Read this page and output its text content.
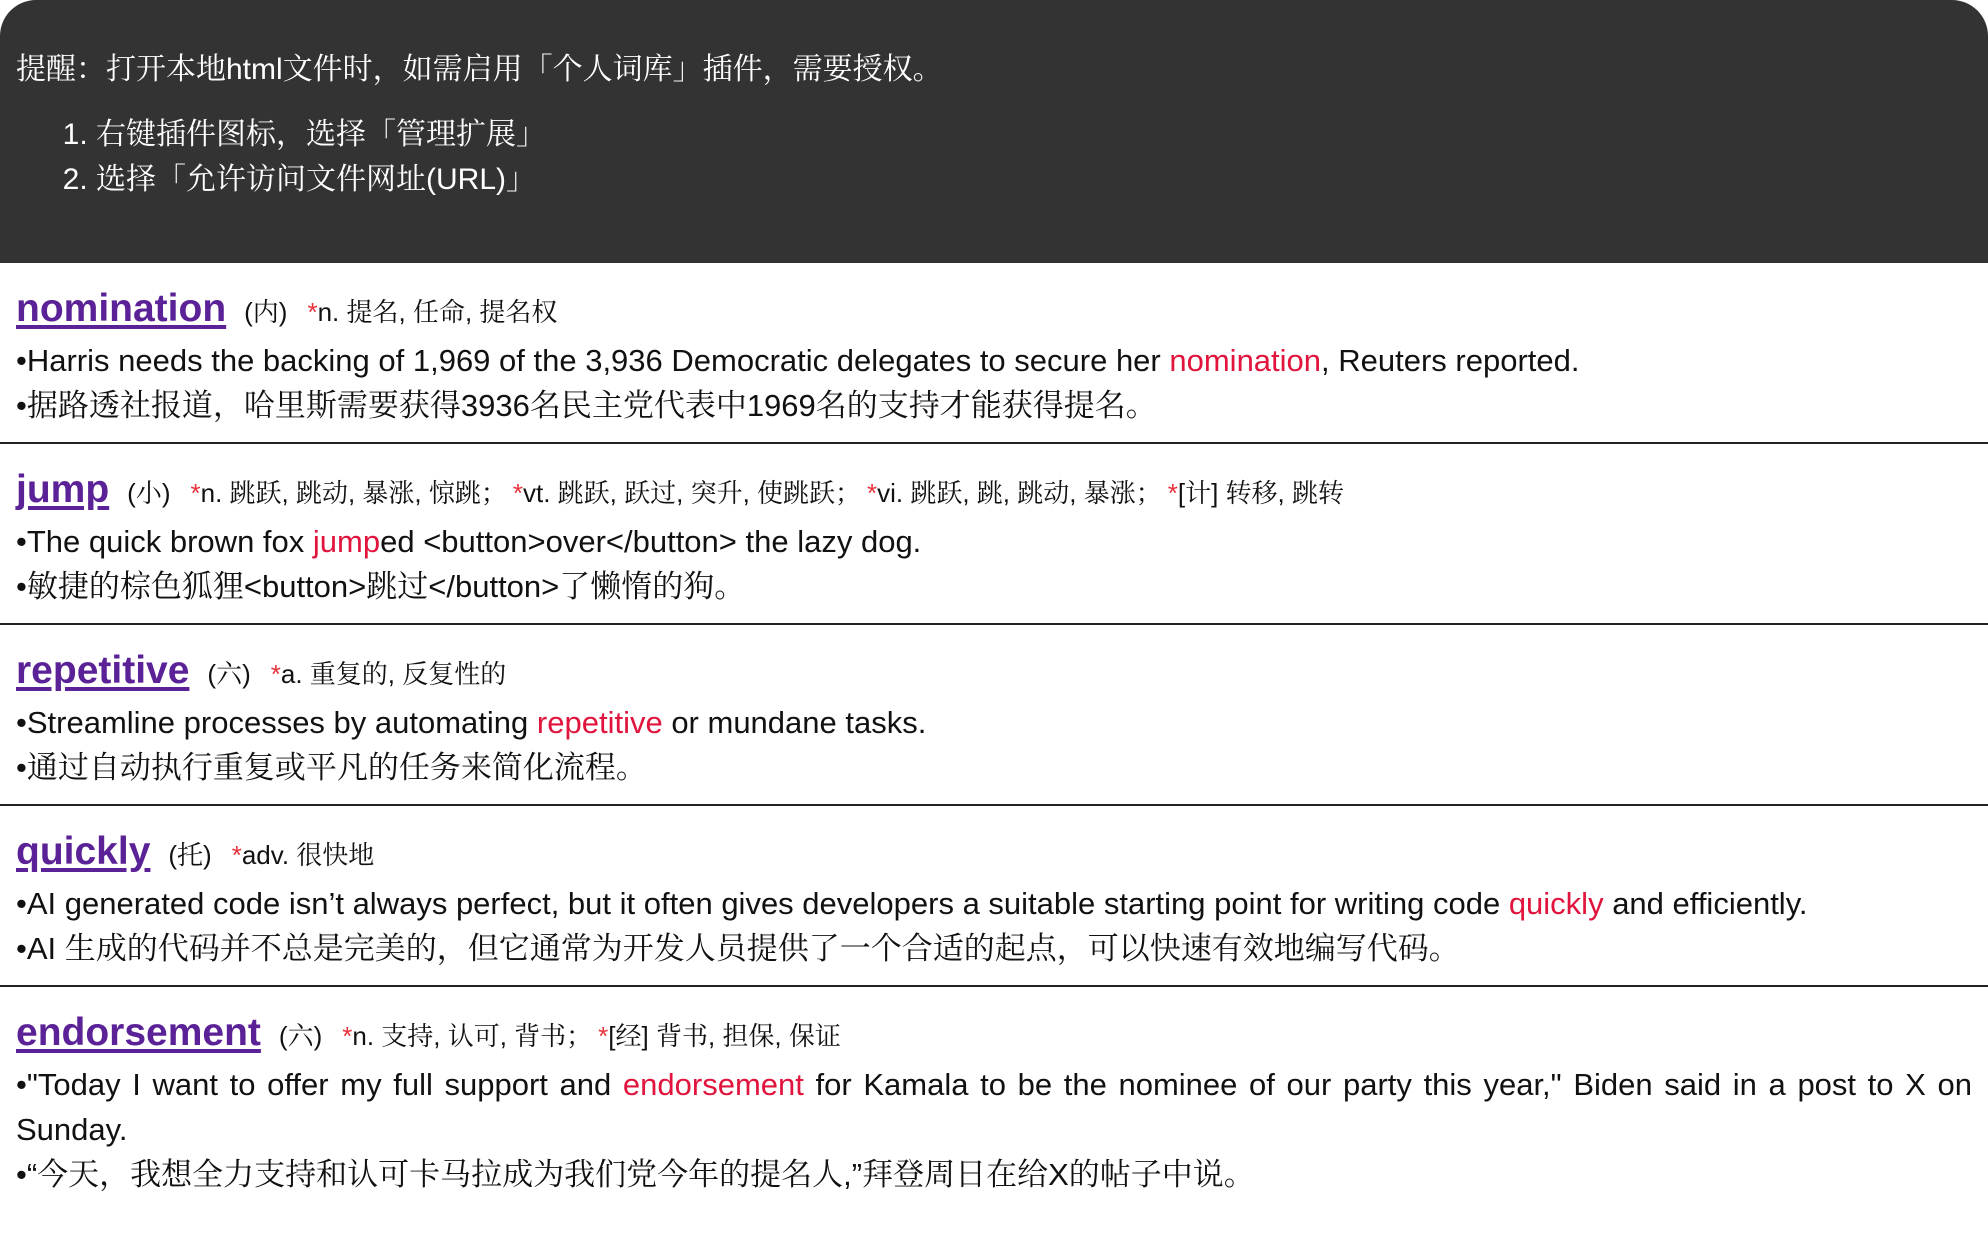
提醒：打开本地html文件时，如需启用「个人词库」插件，需要授权。
1. 右键插件图标，选择「管理扩展」
2. 选择「允许访问文件网址(URL)」
nomination (内) * n. 提名, 任命, 提名权
•Harris needs the backing of 1,969 of the 3,936 Democratic delegates to secure her nomination, Reuters reported.
•据路透社报道，哈里斯需要获得3936名民主党代表中1969名的支持才能获得提名。
jump (小) * n. 跳跃, 跳动, 暴涨, 惊跳； * vt. 跳跃, 跃过, 突升, 使跳跃； * vi. 跳跃, 跳, 跳动, 暴涨； * [计] 转移, 跳转
•The quick brown fox jumped <button>over</button> the lazy dog.
•敏捷的棕色狐狸<button>跳过</button>了懒惰的狗。
repetitive (六) * a. 重复的, 反复性的
•Streamline processes by automating repetitive or mundane tasks.
•通过自动执行重复或平凡的任务来简化流程。
quickly (托) * adv. 很快地
•AI generated code isn’t always perfect, but it often gives developers a suitable starting point for writing code quickly and efficiently.
•AI 生成的代码并不总是完美的，但它通常为开发人员提供了一个合适的起点，可以快速有效地编写代码。
endorsement (六) * n. 支持, 认可, 背书； * [经] 背书, 担保, 保证
•"Today I want to offer my full support and endorsement for Kamala to be the nominee of our party this year," Biden said in a post to X on Sunday.
•“今天，我想全力支持和认可卡马拉成为我们党今年的提名人,”拜登周日在给X的帖子中说。
